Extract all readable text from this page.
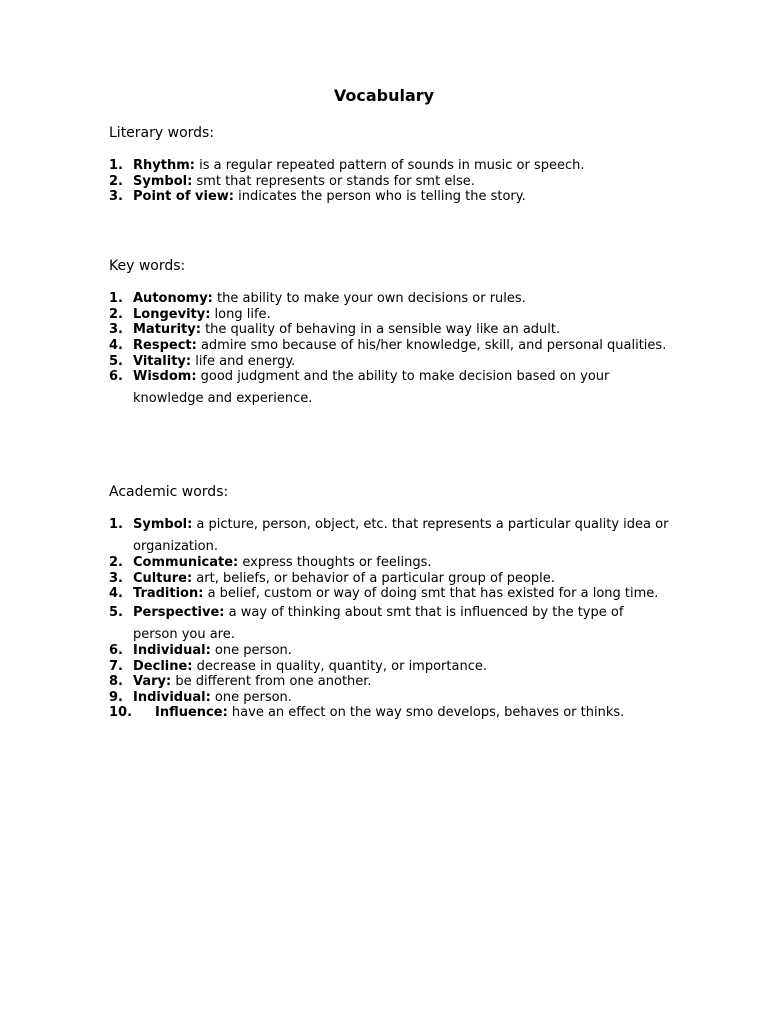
Vocabulary
Literary words:
1. Rhythm: is a regular repeated pattern of sounds in music or speech.
2. Symbol: smt that represents or stands for smt else.
3. Point of view: indicates the person who is telling the story.
Key words:
1. Autonomy: the ability to make your own decisions or rules.
2. Longevity: long life.
3. Maturity: the quality of behaving in a sensible way like an adult.
4. Respect: admire smo because of his/her knowledge, skill, and personal qualities.
5. Vitality: life and energy.
6. Wisdom: good judgment and the ability to make decision based on your knowledge and experience.
Academic words:
1. Symbol: a picture, person, object, etc. that represents a particular quality idea or organization.
2. Communicate: express thoughts or feelings.
3. Culture: art, beliefs, or behavior of a particular group of people.
4. Tradition: a belief, custom or way of doing smt that has existed for a long time.
5. Perspective: a way of thinking about smt that is influenced by the type of person you are.
6. Individual: one person.
7. Decline: decrease in quality, quantity, or importance.
8. Vary: be different from one another.
9. Individual: one person.
10. Influence: have an effect on the way smo develops, behaves or thinks.
